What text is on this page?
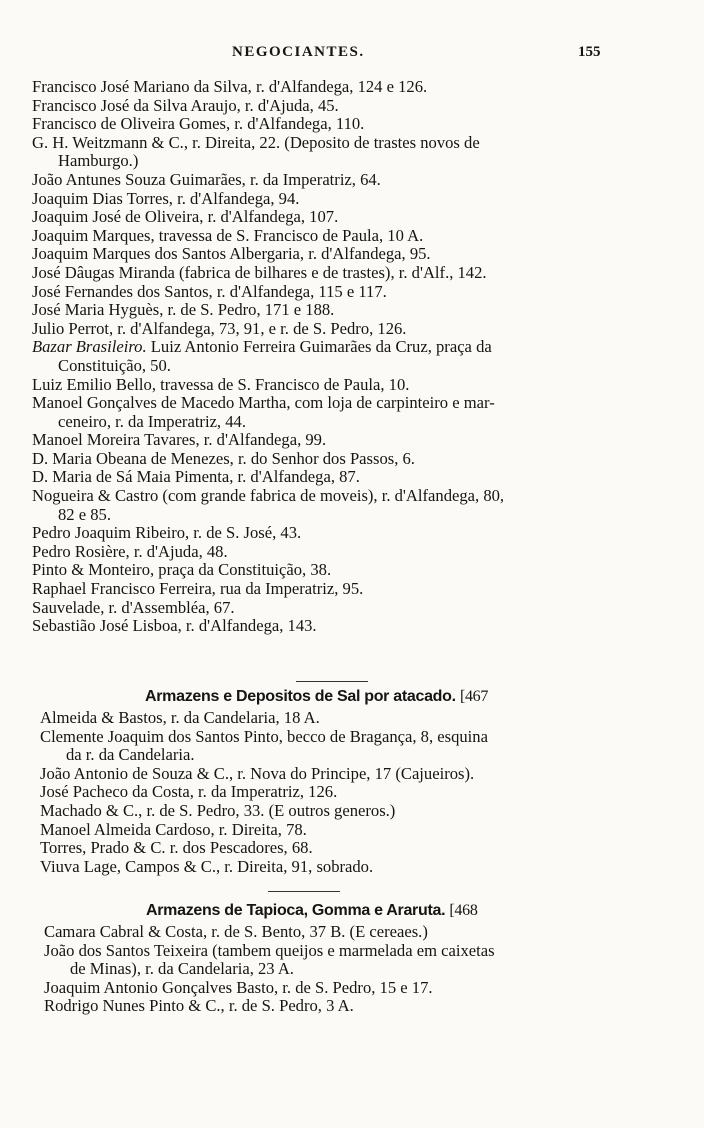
NEGOCIANTES.	155
Francisco José Mariano da Silva, r. d'Alfandega, 124 e 126.
Francisco José da Silva Araujo, r. d'Ajuda, 45.
Francisco de Oliveira Gomes, r. d'Alfandega, 110.
G. H. Weitzmann & C., r. Direita, 22. (Deposito de trastes novos de
Hamburgo.)
João Antunes Souza Guimarães, r. da Imperatriz, 64.
Joaquim Dias Torres, r. d'Alfandega, 94.
Joaquim José de Oliveira, r. d'Alfandega, 107.
Joaquim Marques, travessa de S. Francisco de Paula, 10 A.
Joaquim Marques dos Santos Albergaria, r. d'Alfandega, 95.
José Dâugas Miranda (fabrica de bilhares e de trastes), r. d'Alf., 142.
José Fernandes dos Santos, r. d'Alfandega, 115 e 117.
José Maria Hyguès, r. de S. Pedro, 171 e 188.
Julio Perrot, r. d'Alfandega, 73, 91, e r. de S. Pedro, 126.
Bazar Brasileiro. Luiz Antonio Ferreira Guimarães da Cruz, praça da
Constituição, 50.
Luiz Emilio Bello, travessa de S. Francisco de Paula, 10.
Manoel Gonçalves de Macedo Martha, com loja de carpinteiro e mar-
ceneiro, r. da Imperatriz, 44.
Manoel Moreira Tavares, r. d'Alfandega, 99.
D. Maria Obeana de Menezes, r. do Senhor dos Passos, 6.
D. Maria de Sá Maia Pimenta, r. d'Alfandega, 87.
Nogueira & Castro (com grande fabrica de moveis), r. d'Alfandega, 80,
82 e 85.
Pedro Joaquim Ribeiro, r. de S. José, 43.
Pedro Rosière, r. d'Ajuda, 48.
Pinto & Monteiro, praça da Constituição, 38.
Raphael Francisco Ferreira, rua da Imperatriz, 95.
Sauvelade, r. d'Assembléa, 67.
Sebastião José Lisboa, r. d'Alfandega, 143.
Armazens e Depositos de Sal por atacado. [467
Almeida & Bastos, r. da Candelaria, 18 A.
Clemente Joaquim dos Santos Pinto, becco de Bragança, 8, esquina
da r. da Candelaria.
João Antonio de Souza & C., r. Nova do Principe, 17 (Cajueiros).
José Pacheco da Costa, r. da Imperatriz, 126.
Machado & C., r. de S. Pedro, 33. (E outros generos.)
Manoel Almeida Cardoso, r. Direita, 78.
Torres, Prado & C. r. dos Pescadores, 68.
Viuva Lage, Campos & C., r. Direita, 91, sobrado.
Armazens de Tapioca, Gomma e Araruta. [468
Camara Cabral & Costa, r. de S. Bento, 37 B. (E cereaes.)
João dos Santos Teixeira (tambem queijos e marmelada em caixetas
de Minas), r. da Candelaria, 23 A.
Joaquim Antonio Gonçalves Basto, r. de S. Pedro, 15 e 17.
Rodrigo Nunes Pinto & C., r. de S. Pedro, 3 A.
